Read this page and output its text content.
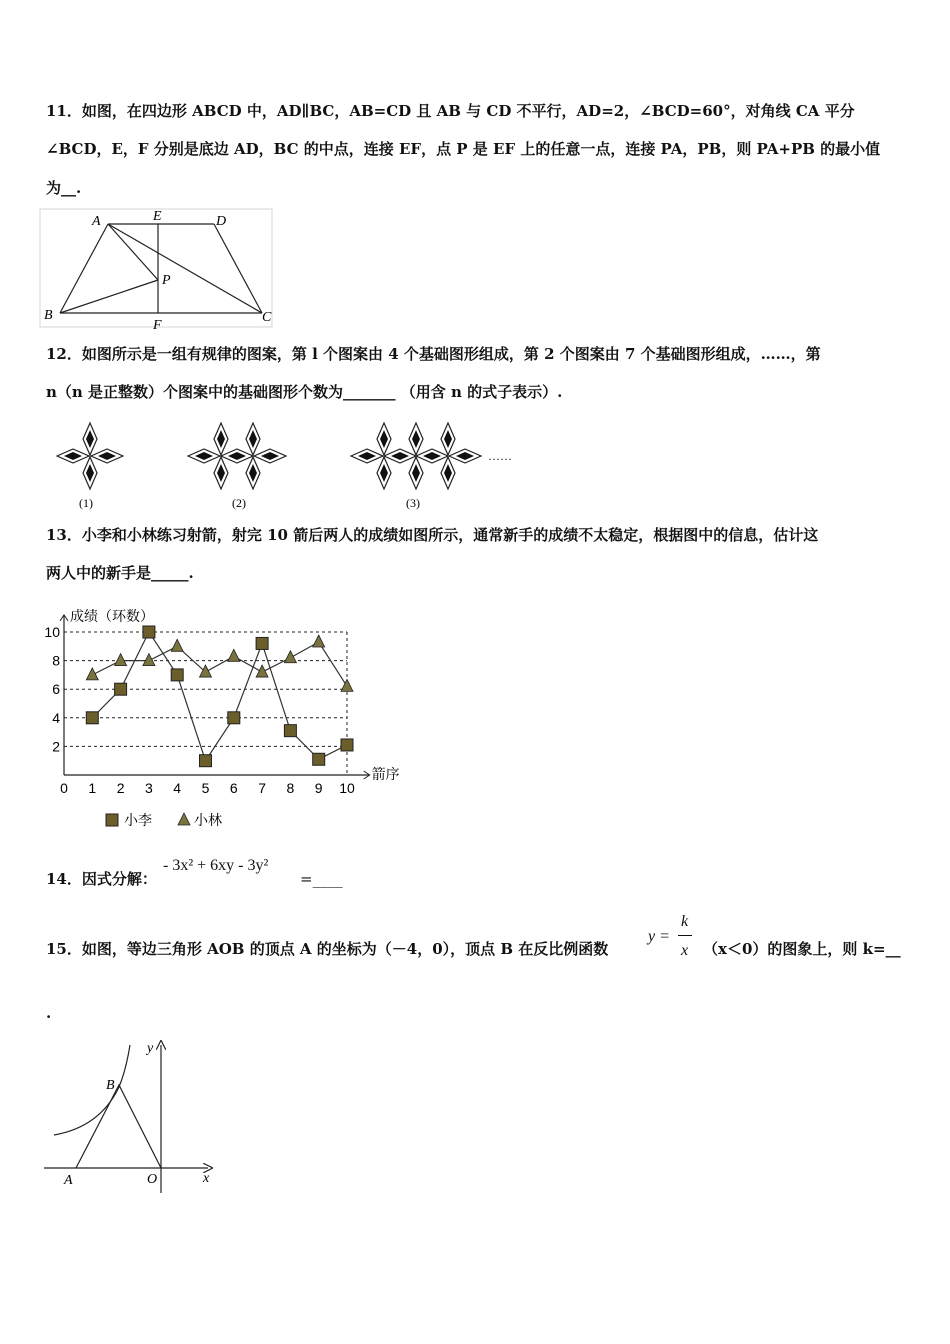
11．如图，在四边形 ABCD 中，AD∥BC，AB=CD 且 AB 与 CD 不平行，AD=2，∠BCD=60°，对角线 CA 平分
∠BCD，E，F 分别是底边 AD，BC 的中点，连接 EF，点 P 是 EF 上的任意一点，连接 PA，PB，则 PA+PB 的最小值
为__.
A	E	D
P
B
F
C
12．如图所示是一组有规律的图案，第 l 个图案由 4 个基础图形组成，第 2 个图案由 7 个基础图形组成，……，第
n（n 是正整数）个图案中的基础图形个数为_______ （用含 n 的式子表示）.
(1)	(2)	(3)
……
13．小李和小林练习射箭，射完 10 箭后两人的成绩如图所示，通常新手的成绩不太稳定，根据图中的信息，估计这
两人中的新手是_____.
2
4
6
8
10
0 1 2 3 4 5 6 7 8 9 10
成绩（环数）
箭序
小李	小林
14．因式分解：
- 3x² + 6xy - 3y²
=____
15．如图，等边三角形 AOB 的顶点 A 的坐标为（－4，0），顶点 B 在反比例函数
y =
k
x （x＜0）的图象上，则 k=__
.
y
B
A	O	x
